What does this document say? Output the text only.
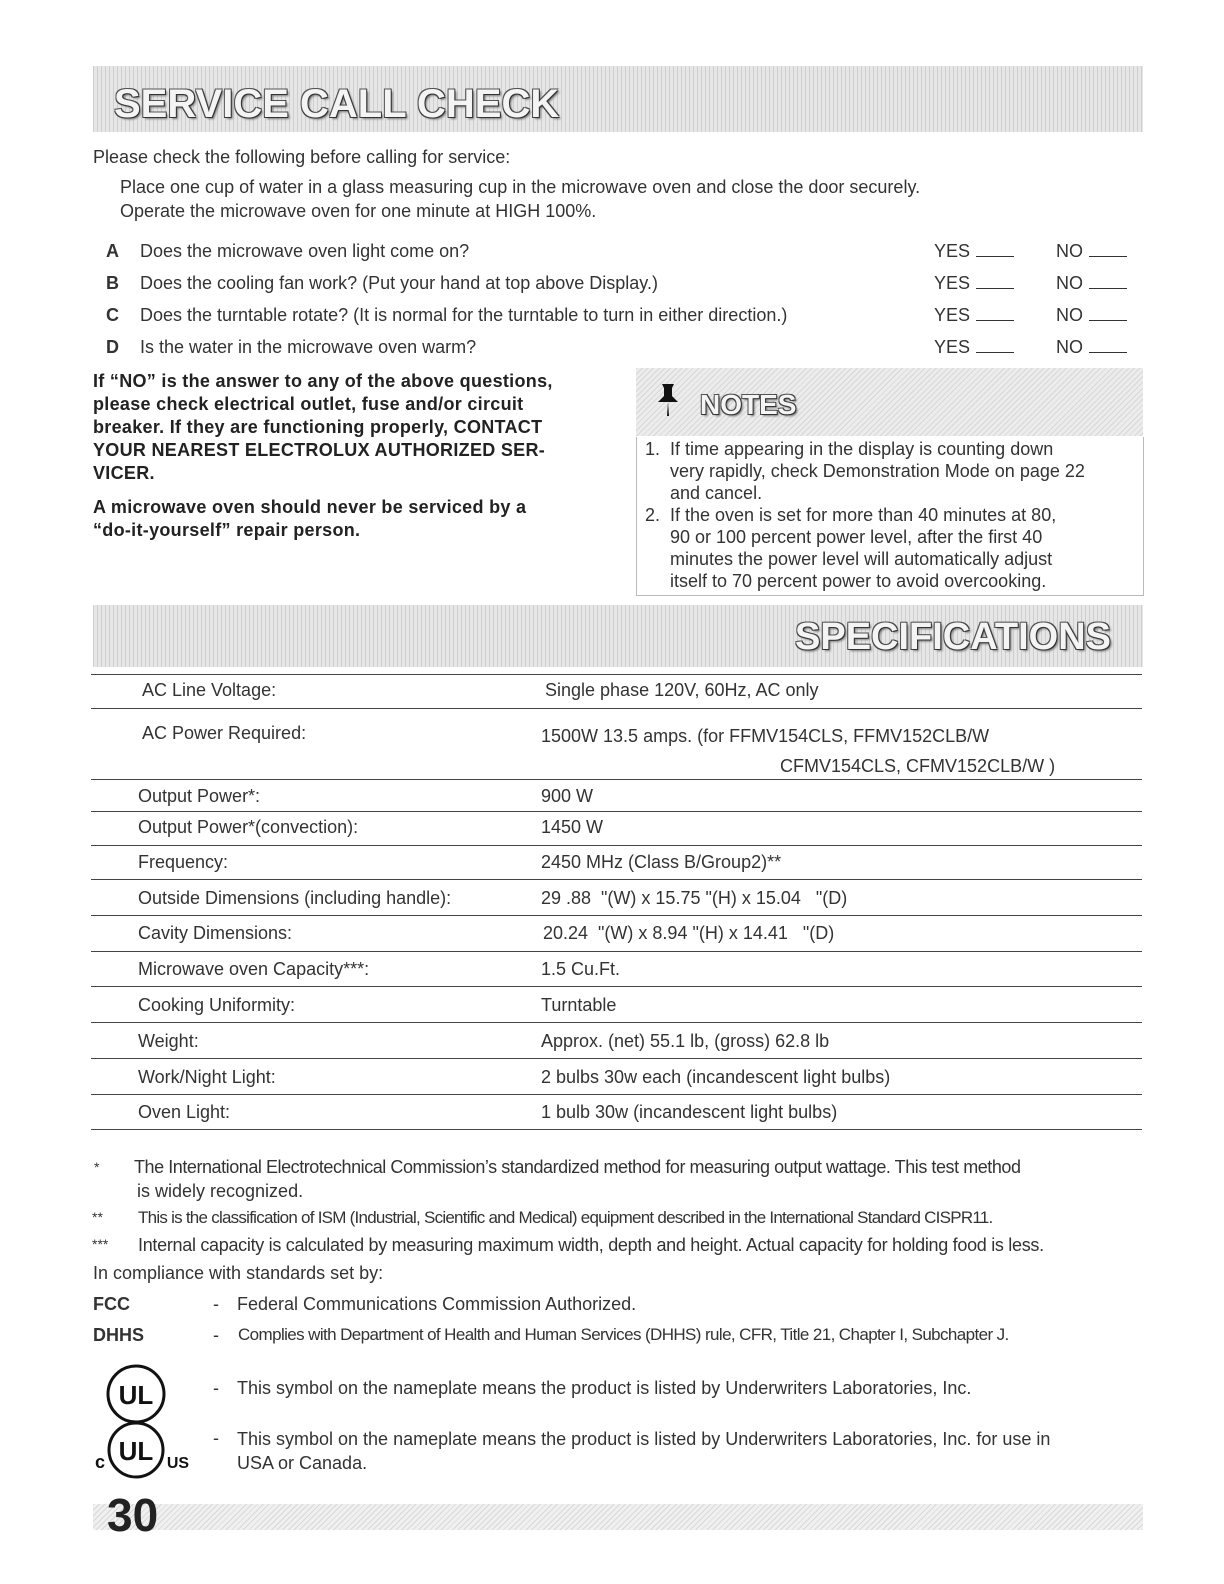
SERVICE CALL CHECK
Please check the following before calling for service:
Place one cup of water in a glass measuring cup in the microwave oven and close the door securely.
Operate the microwave oven for one minute at HIGH 100%.
A Does the microwave oven light come on?	YES	NO
B Does the cooling fan work? (Put your hand at top above Display.)	YES	NO
C Does the turntable rotate? (It is normal for the turntable to turn in either direction.)	YES	NO
D Is the water in the microwave oven warm?	YES	NO
If “NO” is the answer to any of the above questions,
please check electrical outlet, fuse and/or circuit
breaker. If they are functioning properly, CONTACT
YOUR NEAREST ELECTROLUX AUTHORIZED SER-
VICER.
A microwave oven should never be serviced by a
“do-it-yourself” repair person.
NOTES
1. If time appearing in the display is counting down
very rapidly, check Demonstration Mode on page 22
and cancel.
2. If the oven is set for more than 40 minutes at 80,
90 or 100 percent power level, after the first 40
minutes the power level will automatically adjust
itself to 70 percent power to avoid overcooking.
SPECIFICATIONS
AC Line Voltage:	Single phase 120V, 60Hz, AC only
AC Power Required:	1500W 13.5 amps. (for FFMV154CLS, FFMV152CLB/W
CFMV154CLS, CFMV152CLB/W )
Output Power*:	900 W
Output Power*(convection):	1450 W
Frequency:	2450 MHz (Class B/Group2)**
Outside Dimensions (including handle):	29 .88  "(W) x 15.75 "(H) x 15.04   "(D)
Cavity Dimensions:	20.24  "(W) x 8.94 "(H) x 14.41   "(D)
Microwave oven Capacity***:	1.5 Cu.Ft.
Cooking Uniformity:	Turntable
Weight:	Approx. (net) 55.1 lb, (gross) 62.8 lb
Work/Night Light:	2 bulbs 30w each (incandescent light bulbs)
Oven Light:	1 bulb 30w (incandescent light bulbs)
* The International Electrotechnical Commission’s standardized method for measuring output wattage. This test method
is widely recognized.
** This is the classification of ISM (Industrial, Scientific and Medical) equipment described in the International Standard CISPR11.
*** Internal capacity is calculated by measuring maximum width, depth and height. Actual capacity for holding food is less.
In compliance with standards set by:
FCC	- Federal Communications Commission Authorized.
DHHS	- Complies with Department of Health and Human Services (DHHS) rule, CFR, Title 21, Chapter I, Subchapter J.
UL	- This symbol on the nameplate means the product is listed by Underwriters Laboratories, Inc.
c UL US
- This symbol on the nameplate means the product is listed by Underwriters Laboratories, Inc. for use in
USA or Canada.
30
